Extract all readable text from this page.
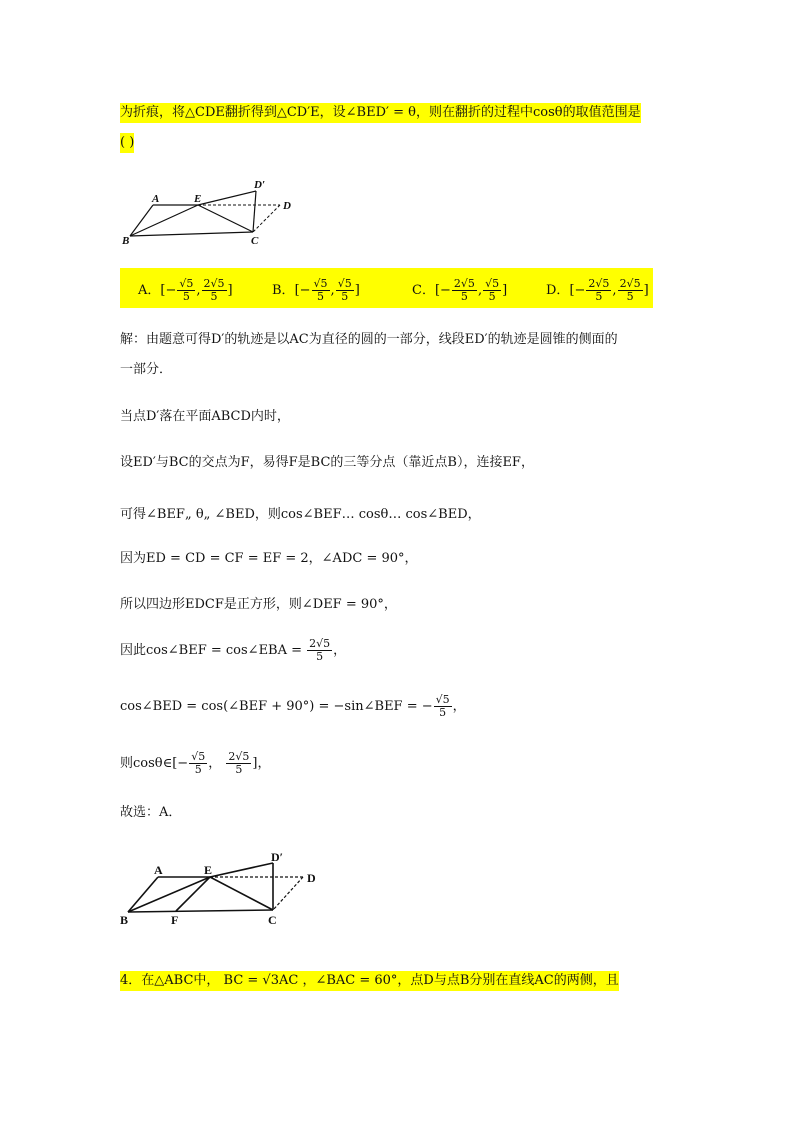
为折痕，将△CDE翻折得到△CD′E，设∠BED′ = θ，则在翻折的过程中cosθ的取值范围是
( )
A	E
D′
D
B	C
A．[− $\frac{√5}{5}$ , $\frac{2√5}{5}$ ]	B．[− $\frac{√5}{5}$ , $\frac{√5}{5}$ ]	C．[− $\frac{2√5}{5}$ , $\frac{√5}{5}$ ]	D．[− $\frac{2√5}{5}$ , $\frac{2√5}{5}$ ]
解：由题意可得D′的轨迹是以AC为直径的圆的一部分，线段ED′的轨迹是圆锥的侧面的
一部分．
当点D′落在平面ABCD内时，
设ED′与BC的交点为F，易得F是BC的三等分点（靠近点B），连接EF，
可得∠BEF„ θ„ ∠BED，则cos∠BEF… cosθ… cos∠BED，
因为ED = CD = CF = EF = 2，∠ADC = 90°，
所以四边形EDCF是正方形，则∠DEF = 90°，
因此cos∠BEF = cos∠EBA = $\frac{2√5}{5}$ ，
cos∠BED = cos(∠BEF + 90°) = −sin∠BEF = − $\frac{√5}{5}$ ，
则cosθ∈[− $\frac{√5}{5}$ ， $\frac{2√5}{5}$ ]，
故选：A．
A	E
D′
D
B	F	C
4．在△ABC中， BC = √3AC ，∠BAC = 60°，点D与点B分别在直线AC的两侧，且
